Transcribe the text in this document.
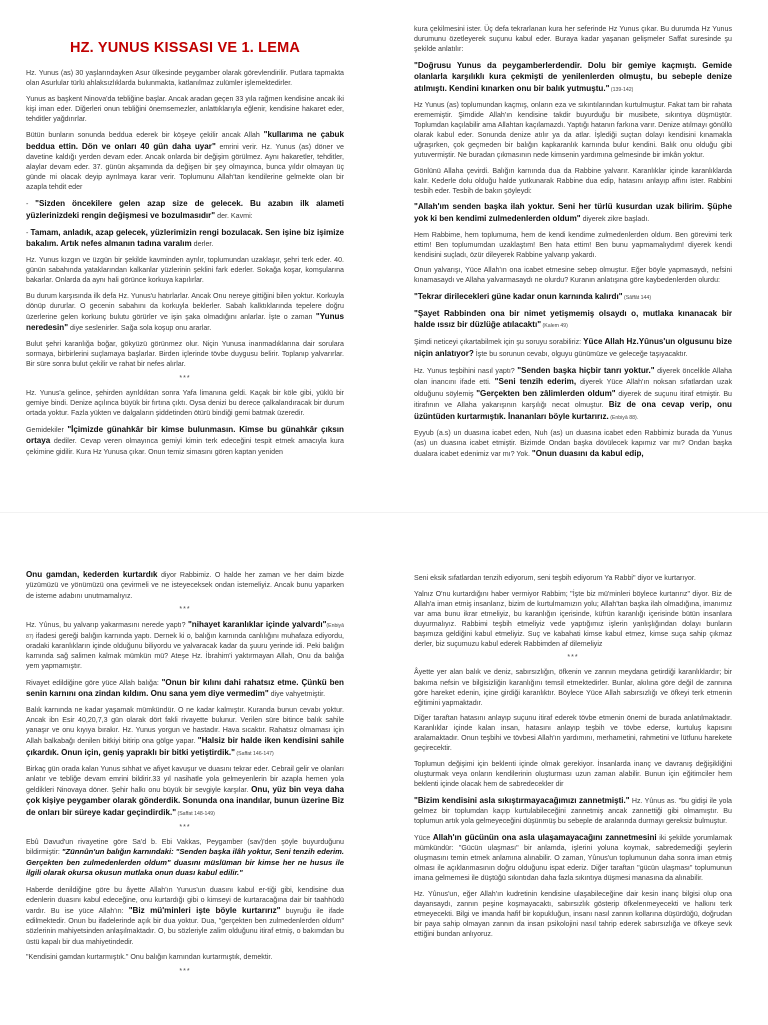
HZ. YUNUS KISSASI VE 1. LEMA

Hz. Yunus (as) 30 yaşlarındayken Asur ülkesinde peygamber olarak görevlendirilir. Putlara tapmakta olan Asurlular türlü ahlaksızlıklarda bulunmakta, katlanılmaz zulümler işlemektedirler.

Yunus as başkent Ninova'da tebliğine başlar. Ancak aradan geçen 33 yıla rağmen kendisine ancak iki kişi iman eder. Diğerleri onun tebliğini önemsemezler, anlattıklarıyla eğlenir, kendisine hakaret eder, tehditler yağdırırlar.

Bütün bunların sonunda beddua ederek bir köşeye çekilir ancak Allah "kullarıma ne çabuk beddua ettin. Dön ve onları 40 gün daha uyar" emrini verir. Hz. Yunus (as) döner ve davetine kaldığı yerden devam eder. Ancak onlarda bir değişim görülmez. Aynı hakaretler, tehditler, alaylar devam eder. 37. günün akşamında da değişen bir şey olmayınca, bunca yıldır olmayan üç günde mi olacak deyip ayrılmaya karar verir. Toplumunu Allah'tan kendilerine gelmekte olan bir azapla tehdit eder

- "Sizden öncekilere gelen azap size de gelecek. Bu azabın ilk alameti yüzlerinizdeki rengin değişmesi ve bozulmasıdır" der. Kavmi:

- Tamam, anladık, azap gelecek, yüzlerimizin rengi bozulacak. Sen işine biz işimize bakalım. Artık nefes almanın tadına varalım derler.

Hz. Yunus kızgın ve üzgün bir şekilde kavminden ayrılır, toplumundan uzaklaşır, şehri terk eder. 40. günün sabahında yataklarından kalkanlar yüzlerinin şeklini fark ederler. Sokağa koşar, komşularına bakarlar. Onlarda da aynı hali görünce korkuya kapılırlar.

Bu durum karşısında ilk defa Hz. Yunus'u hatırlarlar. Ancak Onu nereye gittiğini bilen yoktur. Korkuyla dönüp dururlar. O gecenin sabahını da korkuyla beklerler. Sabah kalktıklarında tepelere doğru üzerlerine gelen korkunç bulutu görürler ve işin şaka olmadığını anlarlar. İşte o zaman "Yunus neredesin" diye seslenirler. Sağa sola koşup onu ararlar.

Bulut şehri karanlığa boğar, gökyüzü görünmez olur. Niçin Yunusa inanmadıklarına dair sorulara sormaya, birbirlerini suçlamaya başlarlar. Birden içlerinde tövbe duygusu belirir. Toplanıp yalvarırlar. Bir süre sonra bulut çekilir ve rahat bir nefes alırlar.

***

Hz. Yunus'a gelince, şehirden ayrıldıktan sonra Yafa limanına geldi. Kaçak bir köle gibi, yüklü bir gemiye bindi. Denize açılınca büyük bir fırtına çıktı. Oysa denizi bu derece çalkalandıracak bir durum ortada yoktur. Fazla yükten ve dalgaların şiddetinden ötürü bindiği gemi batmak üzeredir.

Gemidekiler "İçimizde günahkâr bir kimse bulunmasın. Kimse bu günahkâr çıksın ortaya dediler. Cevap veren olmayınca gemiyi kimin terk edeceğini tespit etmek amacıyla kura çekimine gidilir. Kura Hz Yunusa çıkar. Onun temiz simasını gören kaptan yeniden

kura çekilmesini ister. Üç defa tekrarlanan kura her seferinde Hz Yunus çıkar. Bu durumda Hz Yunus durumunu özetleyerek suçunu kabul eder. Buraya kadar yaşanan gelişmeler Saffat suresinde şu şekilde anlatılır:

"Doğrusu Yunus da peygamberlerdendir. Dolu bir gemiye kaçmıştı. Gemide olanlarla karşılıklı kura çekmişti de yenilenlerden olmuştu, bu sebeple denize atılmıştı. Kendini kınarken onu bir balık yutmuştu." (139-142)

Hz Yunus (as) toplumundan kaçmış, onların eza ve sıkıntılarından kurtulmuştur. Fakat tam bir rahata erememiştir. Şimdide Allah'ın kendisine takdir buyurduğu bir musibete, sıkıntıya düşmüştür. Toplumdan kaçılabilir ama Allahtan kaçılamazdı. Yaptığı hatanın farkına varır. Denize atılmayı gönüllü olarak kabul eder. Sonunda denize atılır ya da atlar. İşlediği suçtan dolayı kendisini kınamakla uğraşırken, çok geçmeden bir balığın kapkaranlık karnında bulur kendini. Balık onu olduğu gibi yutuvermiştir. Ne buradan çıkmasının nede kimsenin yardımına gelmesinde bir imkân yoktur.

Gönlünü Allaha çevirdi. Balığın karnında dua da Rabbine yalvarır. Karanlıklar içinde karanlıklarda kalır. Kederle dolu olduğu halde yutkunarak Rabbine dua edip, hatasını anlayıp affını ister. Rabbini tesbih eder. Tesbih de bakın şöyleydi:

"Allah'ım senden başka ilah yoktur. Seni her türlü kusurdan uzak bilirim. Şüphe yok ki ben kendimi zulmedenlerden oldum" diyerek zikre başladı.

Hem Rabbime, hem toplumuma, hem de kendi kendime zulmedenlerden oldum. Ben görevimi terk ettim! Ben toplumumdan uzaklaştım! Ben hata ettim! Ben bunu yapmamalıydım! diyerek kendi kendisini suçladı, özür dileyerek Rabbine yalvarıp yakardı.

Onun yalvarışı, Yüce Allah'ın ona icabet etmesine sebep olmuştur. Eğer böyle yapmasaydı, nefsini kınamasaydı ve Allaha yalvarmasaydı ne olurdu? Kuranın anlatışına göre kaybedenlerden olurdu:

"Tekrar dirilecekleri güne kadar onun karnında kalırdı" (Sâffât 144)

"Şayet Rabbinden ona bir nimet yetişmemiş olsaydı o, mutlaka kınanacak bir halde ıssız bir düzlüğe atılacaktı" (Kalem 49)

Şimdi neticeyi çıkartabilmek için şu soruyu sorabiliriz: Yüce Allah Hz.Yûnus'un olgusunu bize niçin anlatıyor? İşte bu sorunun cevabı, olguyu günümüze ve geleceğe taşıyacaktır.

Hz. Yunus teşbihini nasıl yaptı? "Senden başka hiçbir tanrı yoktur." diyerek öncelikle Allaha olan inancını ifade etti. "Seni tenzih ederim, diyerek Yüce Allah'ın noksan sıfatlardan uzak olduğunu söylemiş "Gerçekten ben zâlimlerden oldum" diyerek de suçunu itiraf etmiştir. Bu itirafının ve Allaha yakarışının karşılığı necat olmuştur. Biz de ona cevap verip, onu üzüntüden kurtarmıştık. İnananları böyle kurtarırız. (Enbiyâ 88).

Eyyub (a.s) un duasına icabet eden, Nuh (as) un duasına icabet eden Rabbimiz burada da Yunus (as) un duasına icabet etmiştir. Bizimde Ondan başka dövülecek kapımız var mı? Ondan başka dualara icabet edenimiz var mı? Yok. "Onun duasını da kabul edip,

Onu gamdan, kederden kurtardık diyor Rabbimiz. O halde her zaman ve her daim bizde yüzümüzü ve yönümüzü ona çevirmeli ve ne isteyeceksek ondan istemeliyiz. Ancak bunu yaparken de isteme adabını unutmamalıyız.

***

Hz. Yûnus, bu yalvarıp yakarmasını nerede yaptı? "nihayet karanlıklar içinde yalvardı"(Enbiyâ 87) ifadesi gereği balığın karnında yaptı. Dernek ki o, balığın karnında canlılığını muhafaza ediyordu, oradaki karanlıkların içinde olduğunu biliyordu ve yalvaracak kadar da şuuru yerinde idi. Peki balığın karnında sağ salimen kalmak mümkün mü? Ateşe Hz. İbrahim'i yaktırmayan Allah, Onu da balığa yem yapmamıştır.

Rivayet edildiğine göre yüce Allah balığa: "Onun bir kılını dahi rahatsız etme. Çünkü ben senin karnını ona zindan kıldım. Onu sana yem diye vermedim" diye vahyetmiştir.

Balık karnında ne kadar yaşamak mümkündür. O ne kadar kalmıştır. Kuranda bunun cevabı yoktur. Ancak ibn Esir 40,20,7,3 gün olarak dört fakli rivayette bulunur. Verilen süre bitince balık sahile yanaşır ve onu kıyıya bırakır. Hz. Yunus yorgun ve hastadır. Hava sıcaktır. Rahatsız olmaması için Allah balkabağı denilen bitkiyi bitirip ona gölge yapar. "Halsiz bir halde iken kendisini sahile çıkardık. Onun için, geniş yapraklı bir bitki yetiştirdik." (Saffat 146-147)

Birkaç gün orada kalan Yunus sıhhat ve afiyet kavuşur ve duasını tekrar eder. Cebrail gelir ve olanları anlatır ve tebliğe devam emrini bildirir.33 yıl nasihatle yola gelmeyenlerin bir azapla hemen yola geldikleri Ninovaya döner. Şehir halkı onu büyük bir sevgiyle karşılar. Onu, yüz bin veya daha çok kişiye peygamber olarak gönderdik. Sonunda ona inandılar, bunun üzerine Biz de onları bir süreye kadar geçindirdik." (Saffat 148-149)

***

Ebû Davud'un rivayetine göre Sa'd b. Ebi Vakkas, Peygamber (sav)'den şöyle buyurduğunu bildirmiştir: "Zünnûn'un balığın karnındaki: "Senden başka ilâh yoktur, Seni tenzih ederim. Gerçekten ben zulmedenlerden oldum" duasını müslüman bir kimse her ne husus ile ilgili olarak okursa okusun mutlaka onun duası kabul edilir."

Haberde denildiğine göre bu âyette Allah'ın Yunus'un duasını kabul er-tiği gibi, kendisine dua edenlerin duasını kabul edeceğine, onu kurtardığı gibi o kimseyi de kurtaracağına dair bir taahhüdü vardır. Bu ise yüce Allah'ın: "Biz mü'minleri işte böyle kurtarırız" buyruğu ile ifade edilmektedir. Onun bu ifadelerinde açık bir dua yoktur. Dua, "gerçekten ben zulmedenlerden oldum" sözlerinin mahiyetsinden anlaşılmaktadır. O, bu sözleriyle zalim olduğunu itiraf etmiş, o bakımdan bu üstü kapalı bir dua mahiyetindedir.

"Kendisini gamdan kurtarmıştık." Onu balığın karnından kurtarmıştık, demektir.

***

Seni eksik sıfatlardan tenzih ediyorum, seni teşbih ediyorum Ya Rabbi" diyor ve kurtarıyor.

Yalnız O'nu kurtardığını haber vermiyor Rabbim; "İşte biz mü'minleri böylece kurtarırız" diyor. Biz de Allah'a iman etmiş insanlarız, bizim de kurtulmamızın yolu; Allah'tan başka ilah olmadığına, imanımız var ama bunu ikrar etmeliyiz, bu karanlığın içerisinde, küfrün karanlığı içerisinde bütün insanlara duyurmalıyız. Rabbimi teşbih etmeliyiz vede yaptığımız işlerin yanlışlığından dolayı bunların başımıza geldiğini kabul etmeliyiz. Suç ve kabahati kimse kabul etmez, kimse suça sahip çıkmaz derler, biz suçumuzu kabul ederek Rabbimden af dilemeliyiz

***

Âyette yer alan balık ve deniz, sabırsızlığın, öfkenin ve zannın meydana getirdiği karanlıklardır; bir bakıma nefsin ve bilgisizliğin karanlığını temsil etmektedirler. Bunlar, akılına göre değil de zannına göre hareket edenin, içine girdiği karanlıktır. Böylece Yüce Allah sabırsızlığı ve öfkeyi terk etmenin eğitimini yapmaktadır.

Diğer taraftan hatasını anlayıp suçunu itiraf ederek tövbe etmenin önemi de burada anlatılmaktadır. Karanlıklar içinde kalan insan, hatasını anlayıp teşbih ve tövbe ederse, kurtuluş kapısını aralamaktadır. Onun teşbihi ve tövbesi Allah'ın yardımını, merhametini, rahmetini ve lütfunu harekete geçirecektir.

Toplumun değişimi için beklenti içinde olmak gerekiyor. İnsanlarda inanç ve davranış değişikliğini oluşturmak veya onların kendilerinin oluşturması uzun zaman alabilir. Bunun için eğitimciler hem beklenti içinde olacak hem de sabredecekler dir

"Bizim kendisini asla sıkıştırmayacağımızı zannetmişti." Hz. Yûnus as. "bu gidişi ile yola gelmez bir toplumdan kaçıp kurtulabileceğini zannetmiş ancak zannettiği gibi olmamıştır. Bu toplumun artık yola gelmeyeceğini düşünmüş bu sebeple de aralarında durmayı gereksiz bulmuştur.

Yüce Allah'ın gücünün ona asla ulaşamayacağını zannetmesini iki şekilde yorumlamak mümkündür: "Gücün ulaşması" bir anlamda, işlerini yoluna koymak, sabredemediği şeylerin oluşmasını temin etmek anlamına alınabilir. O zaman, Yûnus'un toplumunun daha sonra iman etmiş olması ile açıklanmasının doğru olduğunu ispat ederiz. Diğer taraftan "gücün ulaşması" toplumunun imana gelmemesi ile düştüğü sıkıntıdan daha fazla sıkıntıya düşmesi manasına da alınabilir.

Hz. Yûnus'un, eğer Allah'ın kudretinin kendisine ulaşabileceğine dair kesin inanç bilgisi olup ona dayansaydı, zannın peşine koşmayacaktı, sabırsızlık gösterip öfkelenmeyecekti ve halkını terk etmeyecekti. Bilgi ve imanda hafif bir kopukluğun, insanı nasıl zannın kollarına düşürdüğü, doğrudan bir paya sahip olmayan zannın da insan psikolojini nasıl tahrip ederek sabırsızlığa ve öfkeye sevk ettiğini bundan anlıyoruz.
